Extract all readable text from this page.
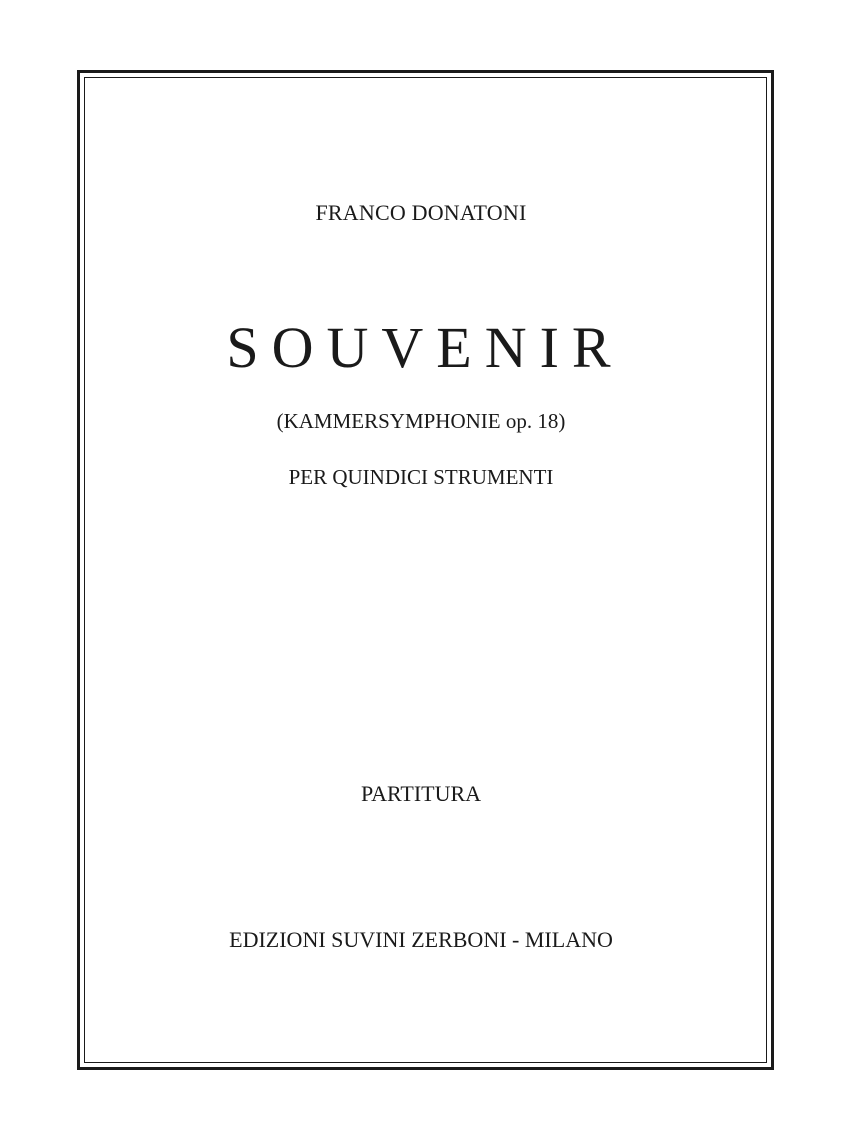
FRANCO DONATONI
SOUVENIR
(KAMMERSYMPHONIE op. 18)
PER QUINDICI STRUMENTI
PARTITURA
EDIZIONI SUVINI ZERBONI - MILANO
